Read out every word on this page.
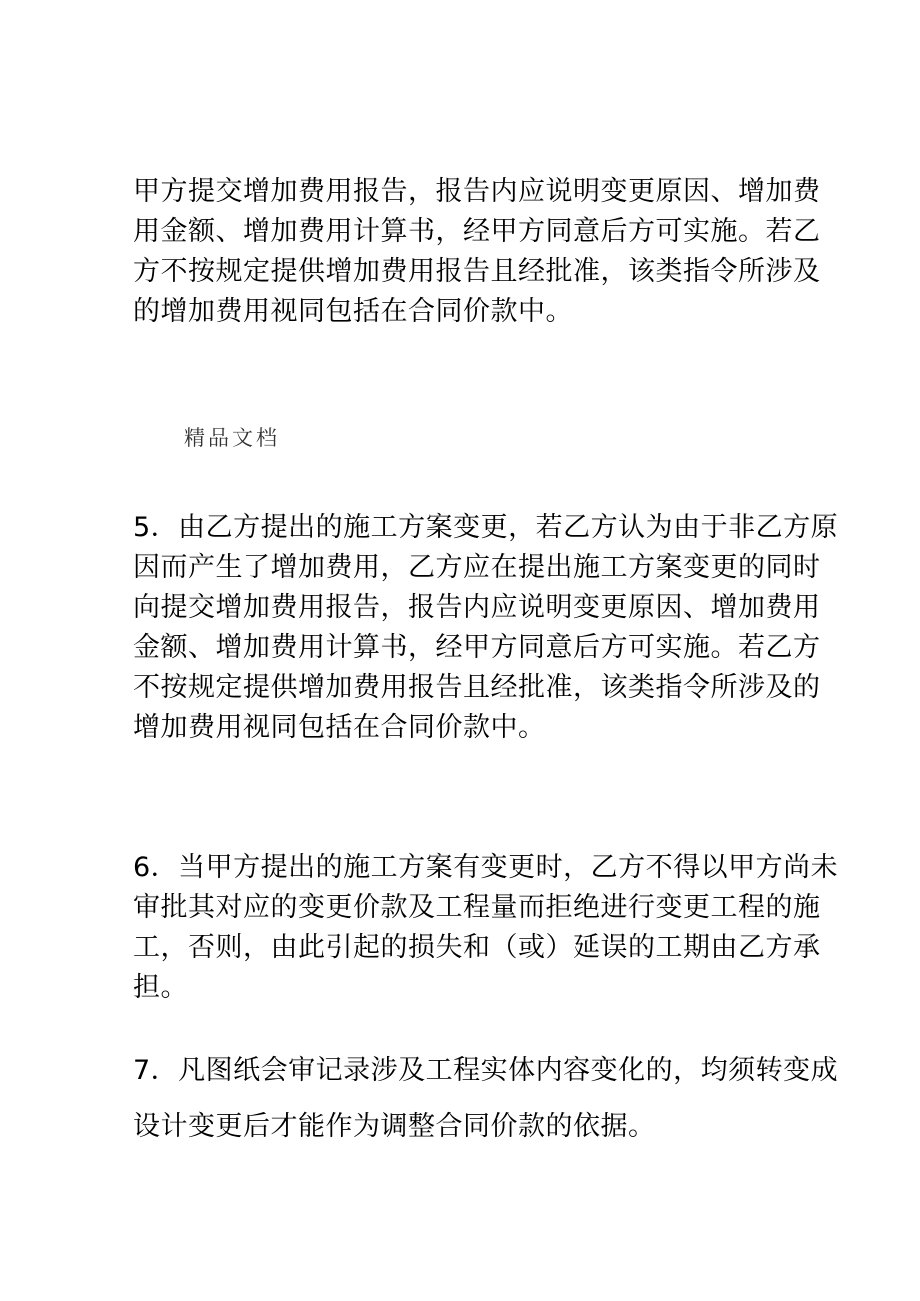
甲方提交增加费用报告，报告内应说明变更原因、增加费
用金额、增加费用计算书，经甲方同意后方可实施。若乙
方不按规定提供增加费用报告且经批准，该类指令所涉及
的增加费用视同包括在合同价款中。

精品文档

5．由乙方提出的施工方案变更，若乙方认为由于非乙方原
因而产生了增加费用，乙方应在提出施工方案变更的同时
向提交增加费用报告，报告内应说明变更原因、增加费用
金额、增加费用计算书，经甲方同意后方可实施。若乙方
不按规定提供增加费用报告且经批准，该类指令所涉及的
增加费用视同包括在合同价款中。

6．当甲方提出的施工方案有变更时，乙方不得以甲方尚未
审批其对应的变更价款及工程量而拒绝进行变更工程的施
工，否则，由此引起的损失和（或）延误的工期由乙方承
担。

7．凡图纸会审记录涉及工程实体内容变化的，均须转变成
设计变更后才能作为调整合同价款的依据。
